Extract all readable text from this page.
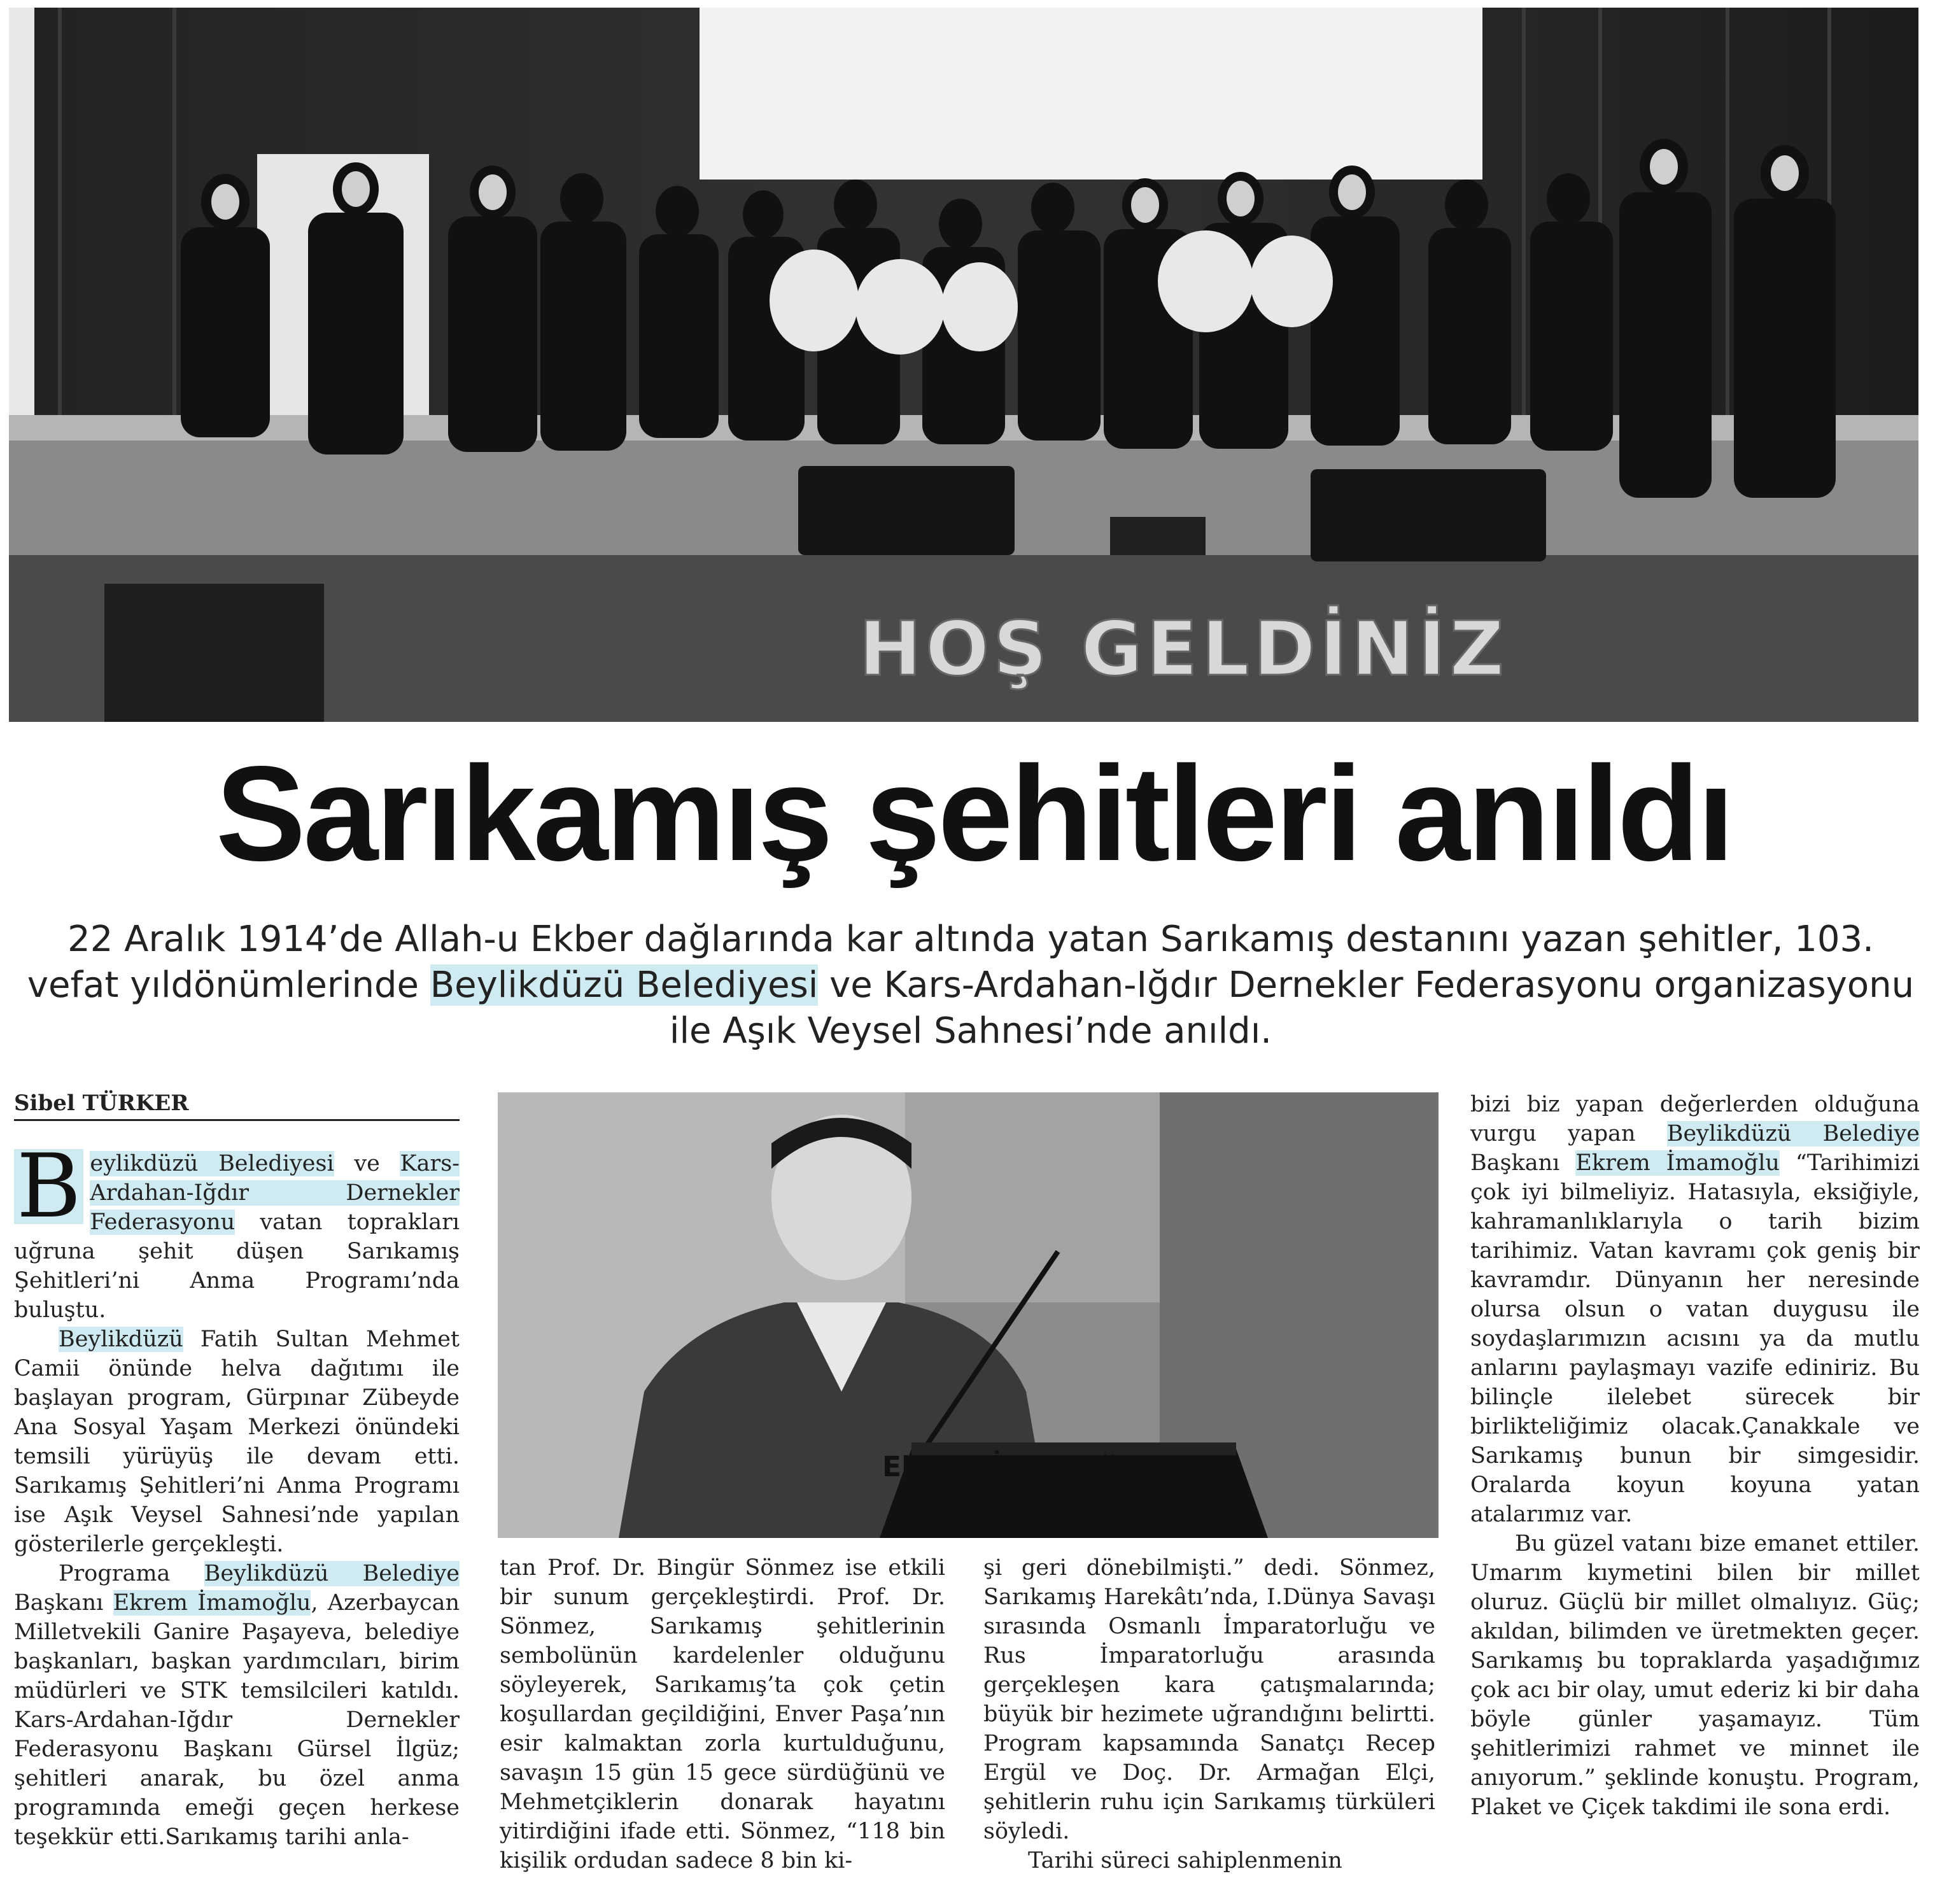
HOŞ GELDİNİZ
Sarıkamış şehitleri anıldı

22 Aralık 1914’de Allah-u Ekber dağlarında kar altında yatan Sarıkamış destanını yazan şehitler, 103. vefat yıldönümlerinde Beylikdüzü Belediyesi ve Kars-Ardahan-Iğdır Dernekler Federasyonu organizasyonu ile Aşık Veysel Sahnesi’nde anıldı.

Sibel TÜRKER

B eylikdüzü Belediyesi ve Kars-Ardahan-Iğdır Dernekler Federasyonu vatan toprakları uğruna şehit düşen Sarıkamış Şehitleri’ni Anma Programı’nda buluştu.

Beylikdüzü Fatih Sultan Mehmet Camii önünde helva dağıtımı ile başlayan program, Gürpınar Zübeyde Ana Sosyal Yaşam Merkezi önündeki temsili yürüyüş ile devam etti. Sarıkamış Şehitleri’ni Anma Programı ise Aşık Veysel Sahnesi’nde yapılan gösterilerle gerçekleşti.

Programa Beylikdüzü Belediye Başkanı Ekrem İmamoğlu, Azerbaycan Milletvekili Ganire Paşayeva, belediye başkanları, başkan yardımcıları, birim müdürleri ve STK temsilcileri katıldı. Kars-Ardahan-Iğdır Dernekler Federasyonu Başkanı Gürsel İlgüz; şehitleri anarak, bu özel anma programında emeği geçen herkese teşekkür etti.Sarıkamış tarihi anla-

Ekrem İmamoğlu

tan Prof. Dr. Bingür Sönmez ise etkili bir sunum gerçekleştirdi. Prof. Dr. Sönmez, Sarıkamış şehitlerinin sembolünün kardelenler olduğunu söyleyerek, Sarıkamış’ta çok çetin koşullardan geçildiğini, Enver Paşa’nın esir kalmaktan zorla kurtulduğunu, savaşın 15 gün 15 gece sürdüğünü ve Mehmetçiklerin donarak hayatını yitirdiğini ifade etti. Sönmez, “118 bin kişilik ordudan sadece 8 bin ki-

şi geri dönebilmişti.” dedi. Sönmez, Sarıkamış Harekâtı’nda, I.Dünya Savaşı sırasında Osmanlı İmparatorluğu ve Rus İmparatorluğu arasında gerçekleşen kara çatışmalarında; büyük bir hezimete uğrandığını belirtti. Program kapsamında Sanatçı Recep Ergül ve Doç. Dr. Armağan Elçi, şehitlerin ruhu için Sarıkamış türküleri söyledi.

Tarihi süreci sahiplenmenin

bizi biz yapan değerlerden olduğuna vurgu yapan Beylikdüzü Belediye Başkanı Ekrem İmamoğlu “Tarihimizi çok iyi bilmeliyiz. Hatasıyla, eksiğiyle, kahramanlıklarıyla o tarih bizim tarihimiz. Vatan kavramı çok geniş bir kavramdır. Dünyanın her neresinde olursa olsun o vatan duygusu ile soydaşlarımızın acısını ya da mutlu anlarını paylaşmayı vazife ediniriz. Bu bilinçle ilelebet sürecek bir birlikteliğimiz olacak.Çanakkale ve Sarıkamış bunun bir simgesidir. Oralarda koyun koyuna yatan atalarımız var.

Bu güzel vatanı bize emanet ettiler. Umarım kıymetini bilen bir millet oluruz. Güçlü bir millet olmalıyız. Güç; akıldan, bilimden ve üretmekten geçer. Sarıkamış bu topraklarda yaşadığımız çok acı bir olay, umut ederiz ki bir daha böyle günler yaşamayız. Tüm şehitlerimizi rahmet ve minnet ile anıyorum.” şeklinde konuştu. Program, Plaket ve Çiçek takdimi ile sona erdi.
